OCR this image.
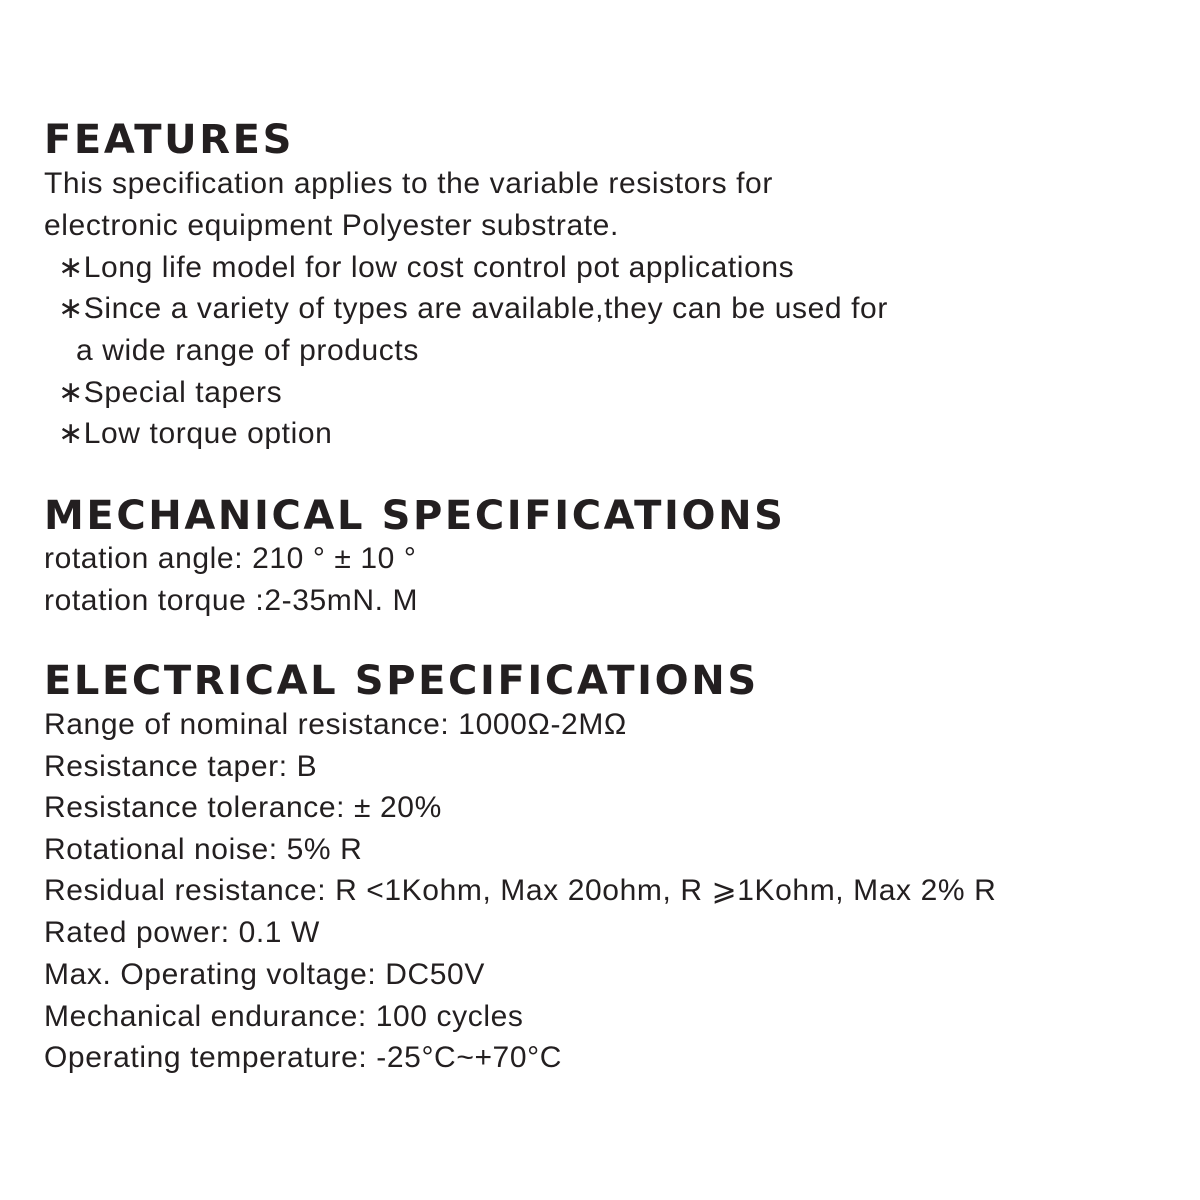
FEATURES

This specification applies to the variable resistors for

electronic equipment Polyester substrate.

∗Long life model for low cost control pot applications

∗Since a variety of types are available,they can be used for

a wide range of products

∗Special tapers

∗Low torque option

MECHANICAL SPECIFICATIONS

rotation angle: 210 ° ± 10 °

rotation torque :2-35mN. M

ELECTRICAL SPECIFICATIONS

Range of nominal resistance: 1000Ω-2MΩ

Resistance taper: B

Resistance tolerance: ± 20%

Rotational noise: 5% R

Residual resistance: R <1Kohm, Max 20ohm, R ⩾1Kohm, Max 2% R

Rated power: 0.1 W

Max. Operating voltage: DC50V

Mechanical endurance: 100 cycles

Operating temperature: -25°C~+70°C
